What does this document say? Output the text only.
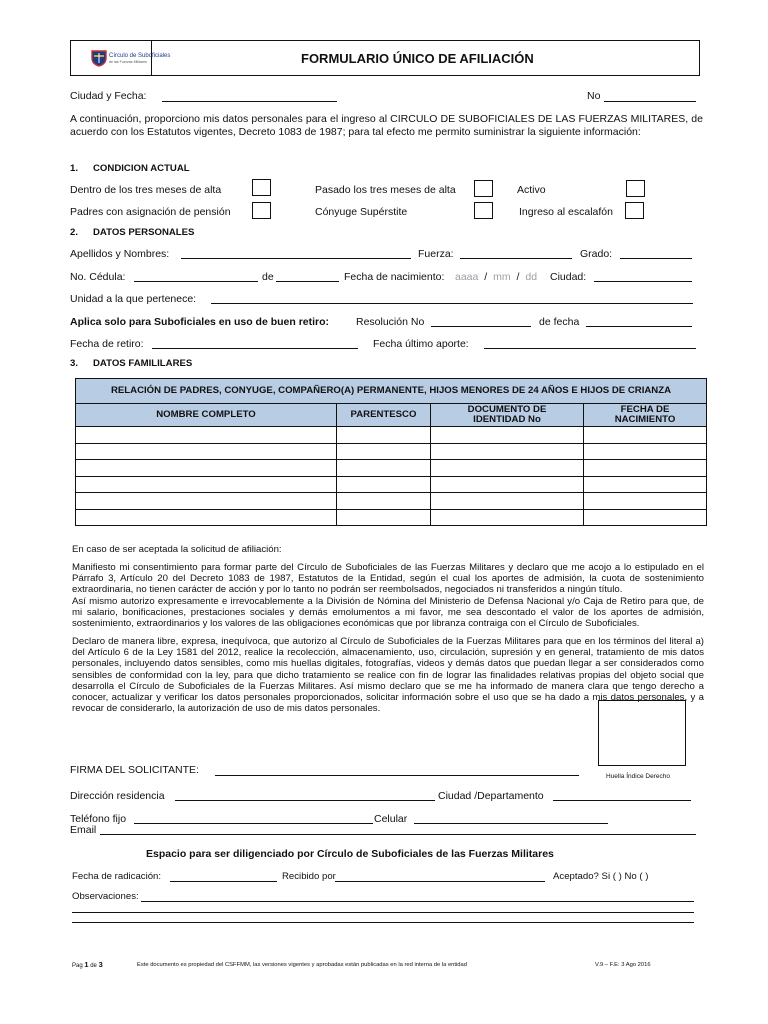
Círculo de Suboficiales
de las Fuerzas Militares	FORMULARIO ÚNICO DE AFILIACIÓN
Ciudad y Fecha:	No
A continuación, proporciono mis datos personales para el ingreso al CIRCULO DE SUBOFICIALES DE LAS FUERZAS MILITARES, de acuerdo con los Estatutos vigentes, Decreto 1083 de 1987; para tal efecto me permito suministrar la siguiente información:
1. CONDICION ACTUAL
Dentro de los tres meses de alta	Pasado los tres meses de alta	Activo
Padres con asignación de pensión	Cónyuge Supérstite	Ingreso al escalafón
2. DATOS PERSONALES
Apellidos y Nombres:	Fuerza:	Grado:
No. Cédula:	de	Fecha de nacimiento: aaaa / mm / dd Ciudad:
Unidad a la que pertenece:
Aplica solo para Suboficiales en uso de buen retiro:	Resolución No	de fecha
Fecha de retiro:	Fecha último aporte:
3. DATOS FAMILILARES
RELACIÓN DE PADRES, CONYUGE, COMPAÑERO(A) PERMANENTE, HIJOS MENORES DE 24 AÑOS E HIJOS DE CRIANZA			
NOMBRE COMPLETO	PARENTESCO	DOCUMENTO DE IDENTIDAD No	FECHA DE NACIMIENTO

En caso de ser aceptada la solicitud de afiliación:
Manifiesto mi consentimiento para formar parte del Círculo de Suboficiales de las Fuerzas Militares y declaro que me acojo a lo estipulado en el Párrafo 3, Artículo 20 del Decreto 1083 de 1987, Estatutos de la Entidad, según el cual los aportes de admisión, la cuota de sostenimiento extraordinaria, no tienen carácter de acción y por lo tanto no podrán ser reembolsados, negociados ni transferidos a ningún título.
Así mismo autorizo expresamente e irrevocablemente a la División de Nómina del Ministerio de Defensa Nacional y/o Caja de Retiro para que, de mi salario, bonificaciones, prestaciones sociales y demás emolumentos a mi favor, me sea descontado el valor de los aportes de admisión, sostenimiento, extraordinarios y los valores de las obligaciones económicas que por libranza contraiga con el Círculo de Suboficiales.
Declaro de manera libre, expresa, inequívoca, que autorizo al Círculo de Suboficiales de la Fuerzas Militares para que en los términos del literal a) del Artículo 6 de la Ley 1581 del 2012, realice la recolección, almacenamiento, uso, circulación, supresión y en general, tratamiento de mis datos personales, incluyendo datos sensibles, como mis huellas digitales, fotografías, videos y demás datos que puedan llegar a ser considerados como sensibles de conformidad con la ley, para que dicho tratamiento se realice con fin de lograr las finalidades relativas propias del objeto social que desarrolla el Círculo de Suboficiales de la Fuerzas Militares. Así mismo declaro que se me ha informado de manera clara que tengo derecho a conocer, actualizar y verificar los datos personales proporcionados, solicitar información sobre el uso que se ha dado a mis datos personales, y a revocar de considerarlo, la autorización de uso de mis datos personales.
Huella Índice Derecho
FIRMA DEL SOLICITANTE:
Dirección residencia	Ciudad /Departamento
Teléfono fijo	Celular
Email
Espacio para ser diligenciado por Círculo de Suboficiales de las Fuerzas Militares
Fecha de radicación:	Recibido por	Aceptado? Si ( ) No ( )
Observaciones:
Pag 1 de 3	Este documento es propiedad del CSFFMM, las versiones vigentes y aprobadas están publicadas en la red interna de la entidad	V.9 – F.E: 3 Ago 2016
